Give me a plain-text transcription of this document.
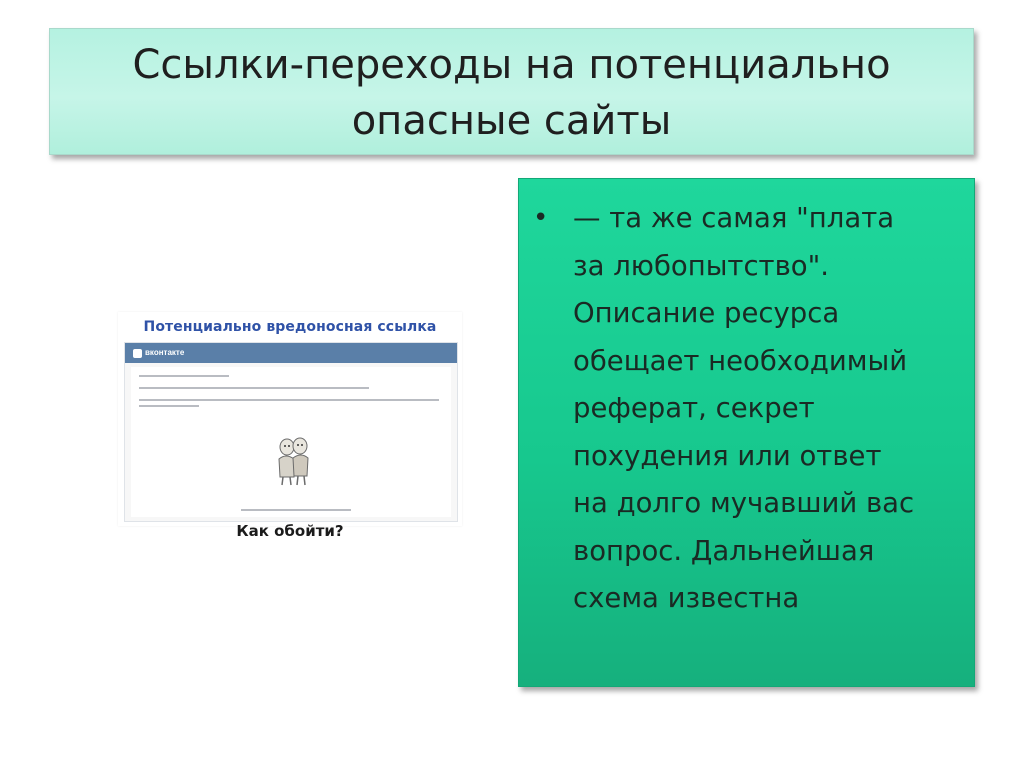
Ссылки-переходы на потенциально опасные сайты
Потенциально вредоносная ссылка
вконтакте
Как обойти?
• — та же самая "плата
за любопытство".
Описание ресурса
обещает необходимый
реферат, секрет
похудения или ответ
на долго мучавший вас
вопрос. Дальнейшая
схема известна
